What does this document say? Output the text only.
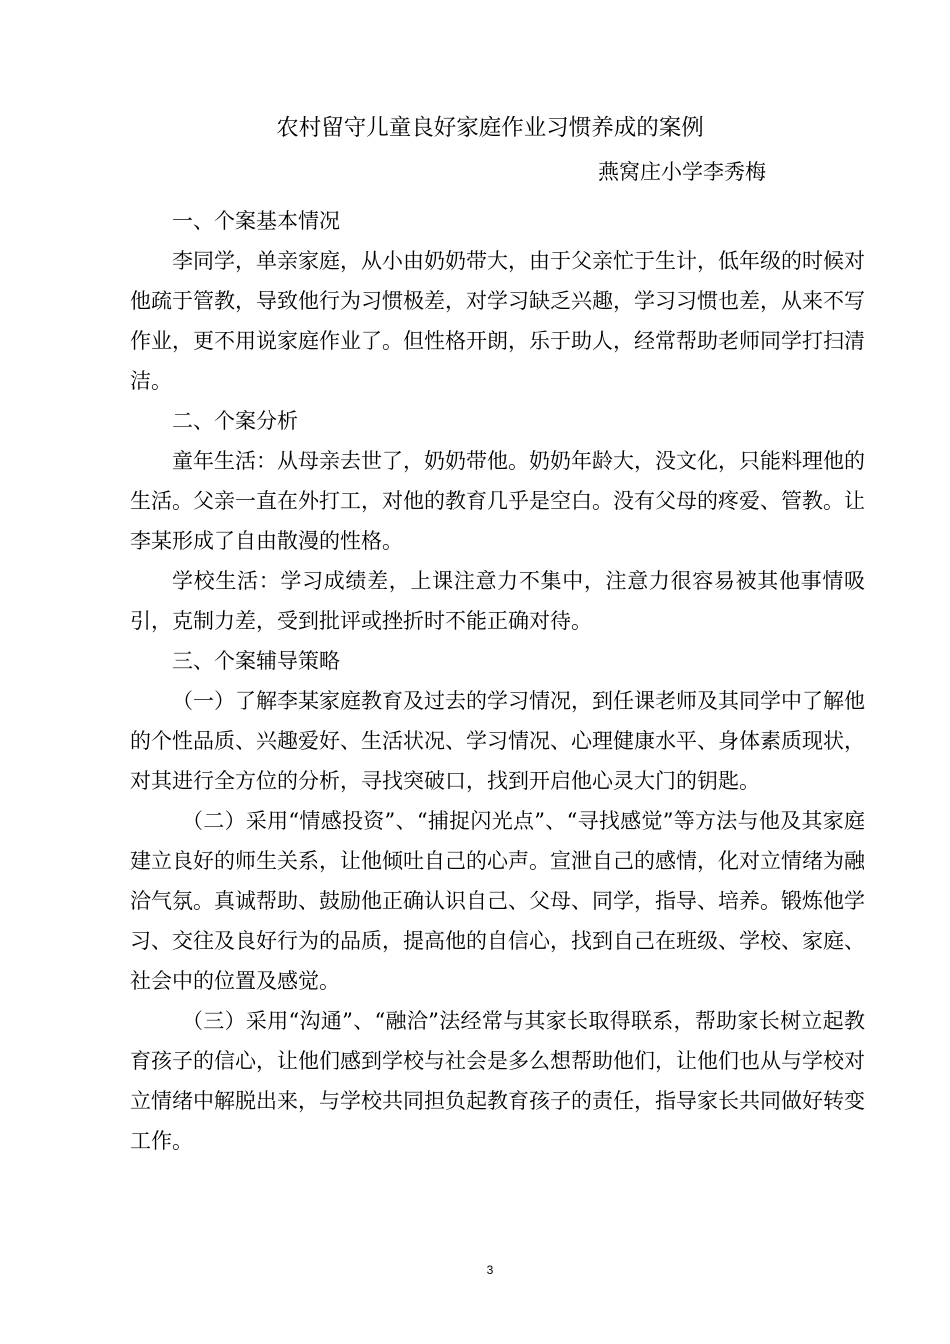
农村留守儿童良好家庭作业习惯养成的案例
燕窝庄小学李秀梅

一、个案基本情况

李同学，单亲家庭，从小由奶奶带大，由于父亲忙于生计，低年级的时候对他疏于管教，导致他行为习惯极差，对学习缺乏兴趣，学习习惯也差，从来不写作业，更不用说家庭作业了。但性格开朗，乐于助人，经常帮助老师同学打扫清洁。

二、个案分析

童年生活：从母亲去世了，奶奶带他。奶奶年龄大，没文化，只能料理他的生活。父亲一直在外打工，对他的教育几乎是空白。没有父母的疼爱、管教。让李某形成了自由散漫的性格。

学校生活：学习成绩差，上课注意力不集中，注意力很容易被其他事情吸引，克制力差，受到批评或挫折时不能正确对待。

三、个案辅导策略

（一）了解李某家庭教育及过去的学习情况，到任课老师及其同学中了解他的个性品质、兴趣爱好、生活状况、学习情况、心理健康水平、身体素质现状，对其进行全方位的分析，寻找突破口，找到开启他心灵大门的钥匙。

（二）采用“情感投资”、“捕捉闪光点”、“寻找感觉”等方法与他及其家庭建立良好的师生关系，让他倾吐自己的心声。宣泄自己的感情，化对立情绪为融洽气氛。真诚帮助、鼓励他正确认识自己、父母、同学，指导、培养。锻炼他学习、交往及良好行为的品质，提高他的自信心，找到自己在班级、学校、家庭、社会中的位置及感觉。

（三）采用“沟通”、“融洽”法经常与其家长取得联系，帮助家长树立起教育孩子的信心，让他们感到学校与社会是多么想帮助他们，让他们也从与学校对立情绪中解脱出来，与学校共同担负起教育孩子的责任，指导家长共同做好转变工作。

3
